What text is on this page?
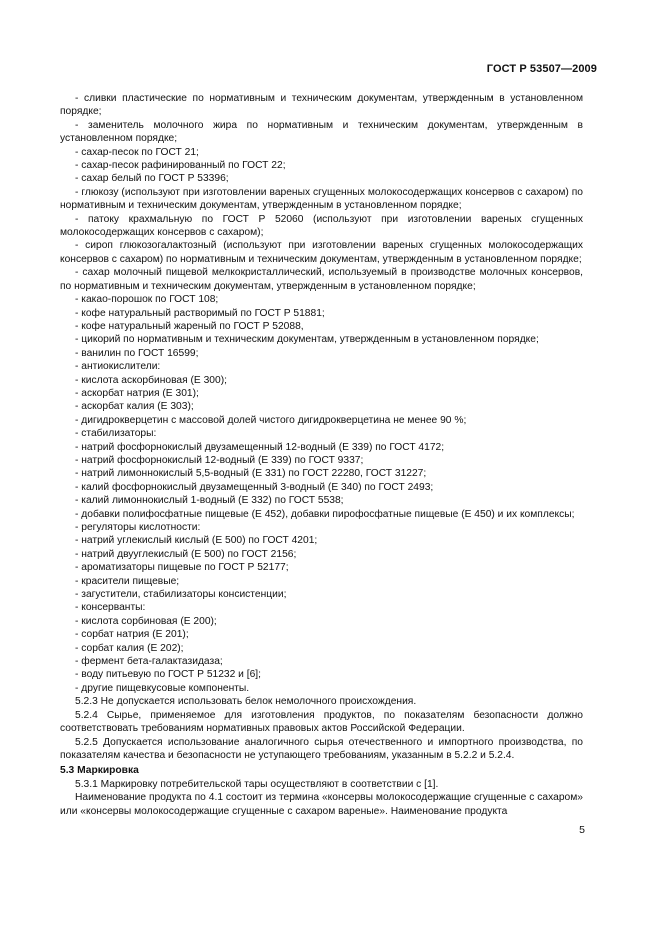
ГОСТ Р 53507—2009

- сливки пластические по нормативным и техническим документам, утвержденным в установленном порядке;

- заменитель молочного жира по нормативным и техническим документам, утвержденным в установленном порядке;

- сахар-песок по ГОСТ 21;

- сахар-песок рафинированный по ГОСТ 22;

- сахар белый по ГОСТ Р 53396;

- глюкозу (используют при изготовлении вареных сгущенных молокосодержащих консервов с сахаром) по нормативным и техническим документам, утвержденным в установленном порядке;

- патоку крахмальную по ГОСТ Р 52060 (используют при изготовлении вареных сгущенных молокосодержащих консервов с сахаром);

- сироп глюкозогалактозный (используют при изготовлении вареных сгущенных молокосодержащих консервов с сахаром) по нормативным и техническим документам, утвержденным в установленном порядке;

- сахар молочный пищевой мелкокристаллический, используемый в производстве молочных консервов, по нормативным и техническим документам, утвержденным в установленном порядке;

- какао-порошок по ГОСТ 108;

- кофе натуральный растворимый по ГОСТ Р 51881;

- кофе натуральный жареный по ГОСТ Р 52088,

- цикорий по нормативным и техническим документам, утвержденным в установленном порядке;

- ванилин по ГОСТ 16599;

- антиокислители:

- кислота аскорбиновая (Е 300);

- аскорбат натрия (Е 301);

- аскорбат калия (Е 303);

- дигидрокверцетин с массовой долей чистого дигидрокверцетина не менее 90 %;

- стабилизаторы:

- натрий фосфорнокислый двузамещенный 12-водный (Е 339) по ГОСТ 4172;

- натрий фосфорнокислый 12-водный (Е 339) по ГОСТ 9337;

- натрий лимоннокислый 5,5-водный (Е 331) по ГОСТ 22280, ГОСТ 31227;

- калий фосфорнокислый двузамещенный 3-водный (Е 340) по ГОСТ 2493;

- калий лимоннокислый 1-водный (Е 332) по ГОСТ 5538;

- добавки полифосфатные пищевые (Е 452), добавки пирофосфатные пищевые (Е 450) и их комплексы;

- регуляторы кислотности:

- натрий углекислый кислый (Е 500) по ГОСТ 4201;

- натрий двууглекислый (Е 500) по ГОСТ 2156;

- ароматизаторы пищевые по ГОСТ Р 52177;

- красители пищевые;

- загустители, стабилизаторы консистенции;

- консерванты:

- кислота сорбиновая (Е 200);

- сорбат натрия (Е 201);

- сорбат калия (Е 202);

- фермент бета-галактазидаза;

- воду питьевую по ГОСТ Р 51232 и [6];

- другие пищевкусовые компоненты.

5.2.3 Не допускается использовать белок немолочного происхождения.

5.2.4 Сырье, применяемое для изготовления продуктов, по показателям безопасности должно соответствовать требованиям нормативных правовых актов Российской Федерации.

5.2.5 Допускается использование аналогичного сырья отечественного и импортного производства, по показателям качества и безопасности не уступающего требованиям, указанным в 5.2.2 и 5.2.4.

5.3 Маркировка

5.3.1 Маркировку потребительской тары осуществляют в соответствии с [1].

Наименование продукта по 4.1 состоит из термина «консервы молокосодержащие сгущенные с сахаром» или «консервы молокосодержащие сгущенные с сахаром вареные». Наименование продукта

5
